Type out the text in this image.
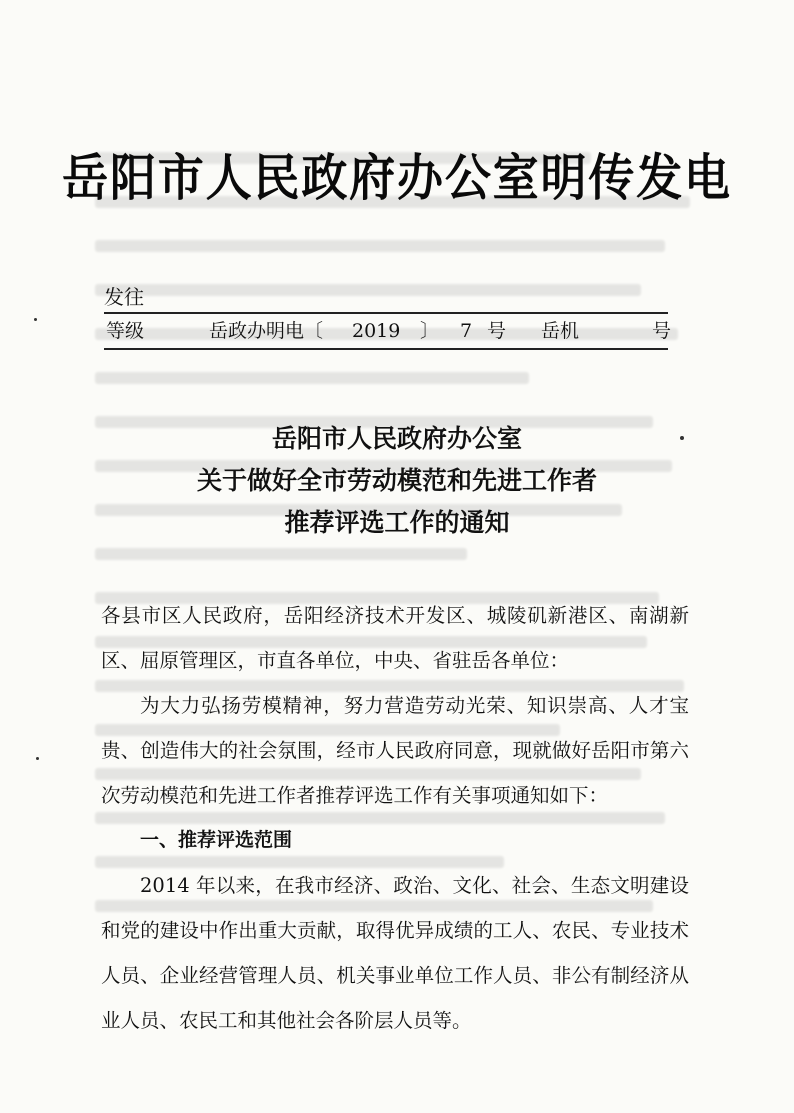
岳阳市人民政府办公室明传发电
发往
等级	岳政办明电〔 2019 〕 7 号 岳机	号
岳阳市人民政府办公室
关于做好全市劳动模范和先进工作者
推荐评选工作的通知

各县市区人民政府，岳阳经济技术开发区、城陵矶新港区、南湖新区、屈原管理区，市直各单位，中央、省驻岳各单位：

为大力弘扬劳模精神，努力营造劳动光荣、知识崇高、人才宝贵、创造伟大的社会氛围，经市人民政府同意，现就做好岳阳市第六次劳动模范和先进工作者推荐评选工作有关事项通知如下：

一、推荐评选范围

2014 年以来，在我市经济、政治、文化、社会、生态文明建设和党的建设中作出重大贡献，取得优异成绩的工人、农民、专业技术人员、企业经营管理人员、机关事业单位工作人员、非公有制经济从业人员、农民工和其他社会各阶层人员等。
